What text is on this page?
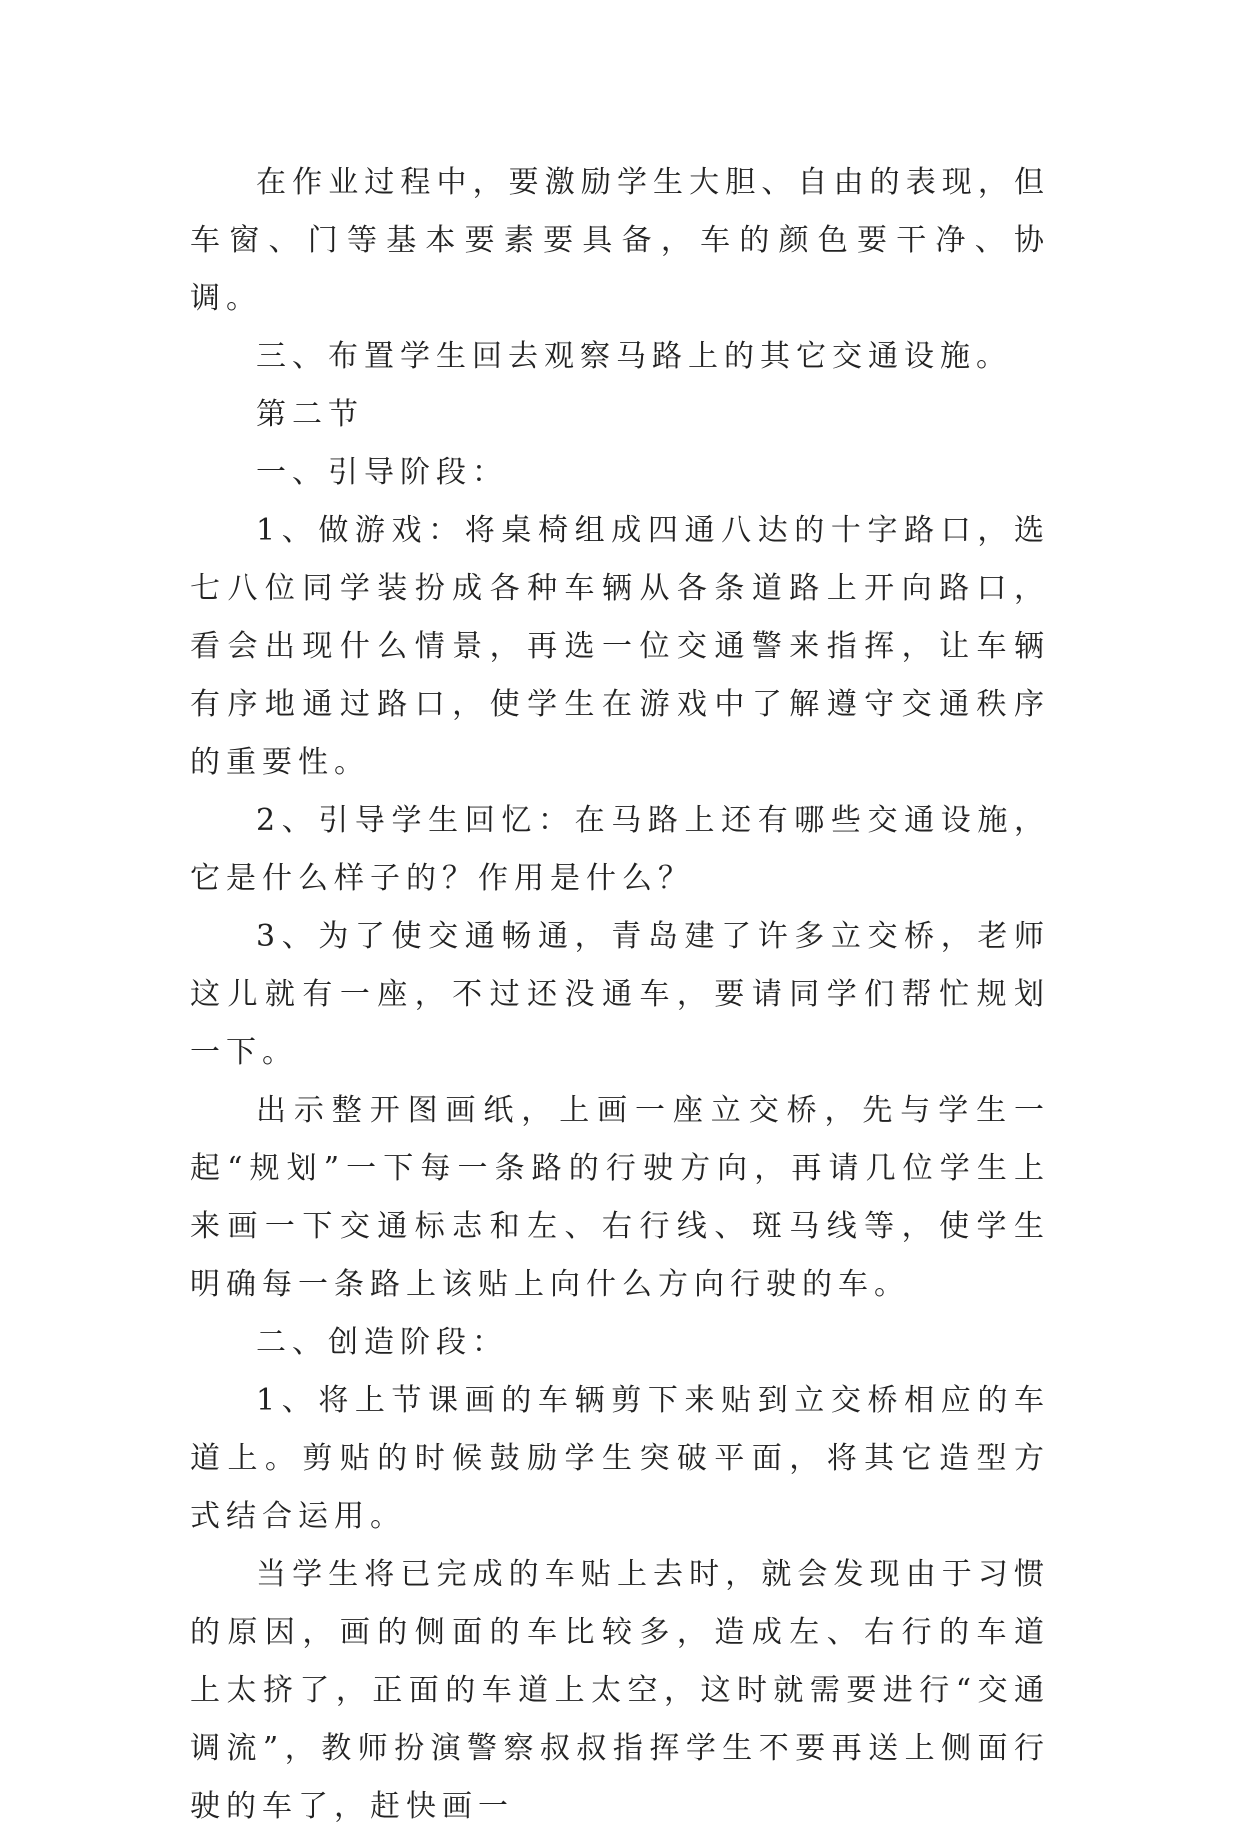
在作业过程中，要激励学生大胆、自由的表现，但车窗、门等基本要素要具备，车的颜色要干净、协调。

三、布置学生回去观察马路上的其它交通设施。

第二节

一、引导阶段：

1、做游戏：将桌椅组成四通八达的十字路口，选七八位同学装扮成各种车辆从各条道路上开向路口，看会出现什么情景，再选一位交通警来指挥，让车辆有序地通过路口，使学生在游戏中了解遵守交通秩序的重要性。

2、引导学生回忆：在马路上还有哪些交通设施，它是什么样子的？作用是什么？

3、为了使交通畅通，青岛建了许多立交桥，老师这儿就有一座，不过还没通车，要请同学们帮忙规划一下。

出示整开图画纸，上画一座立交桥，先与学生一起“规划”一下每一条路的行驶方向，再请几位学生上来画一下交通标志和左、右行线、斑马线等，使学生明确每一条路上该贴上向什么方向行驶的车。

二、创造阶段：

1、将上节课画的车辆剪下来贴到立交桥相应的车道上。剪贴的时候鼓励学生突破平面，将其它造型方式结合运用。

当学生将已完成的车贴上去时，就会发现由于习惯的原因，画的侧面的车比较多，造成左、右行的车道上太挤了，正面的车道上太空，这时就需要进行“交通调流”，教师扮演警察叔叔指挥学生不要再送上侧面行驶的车了，赶快画一
